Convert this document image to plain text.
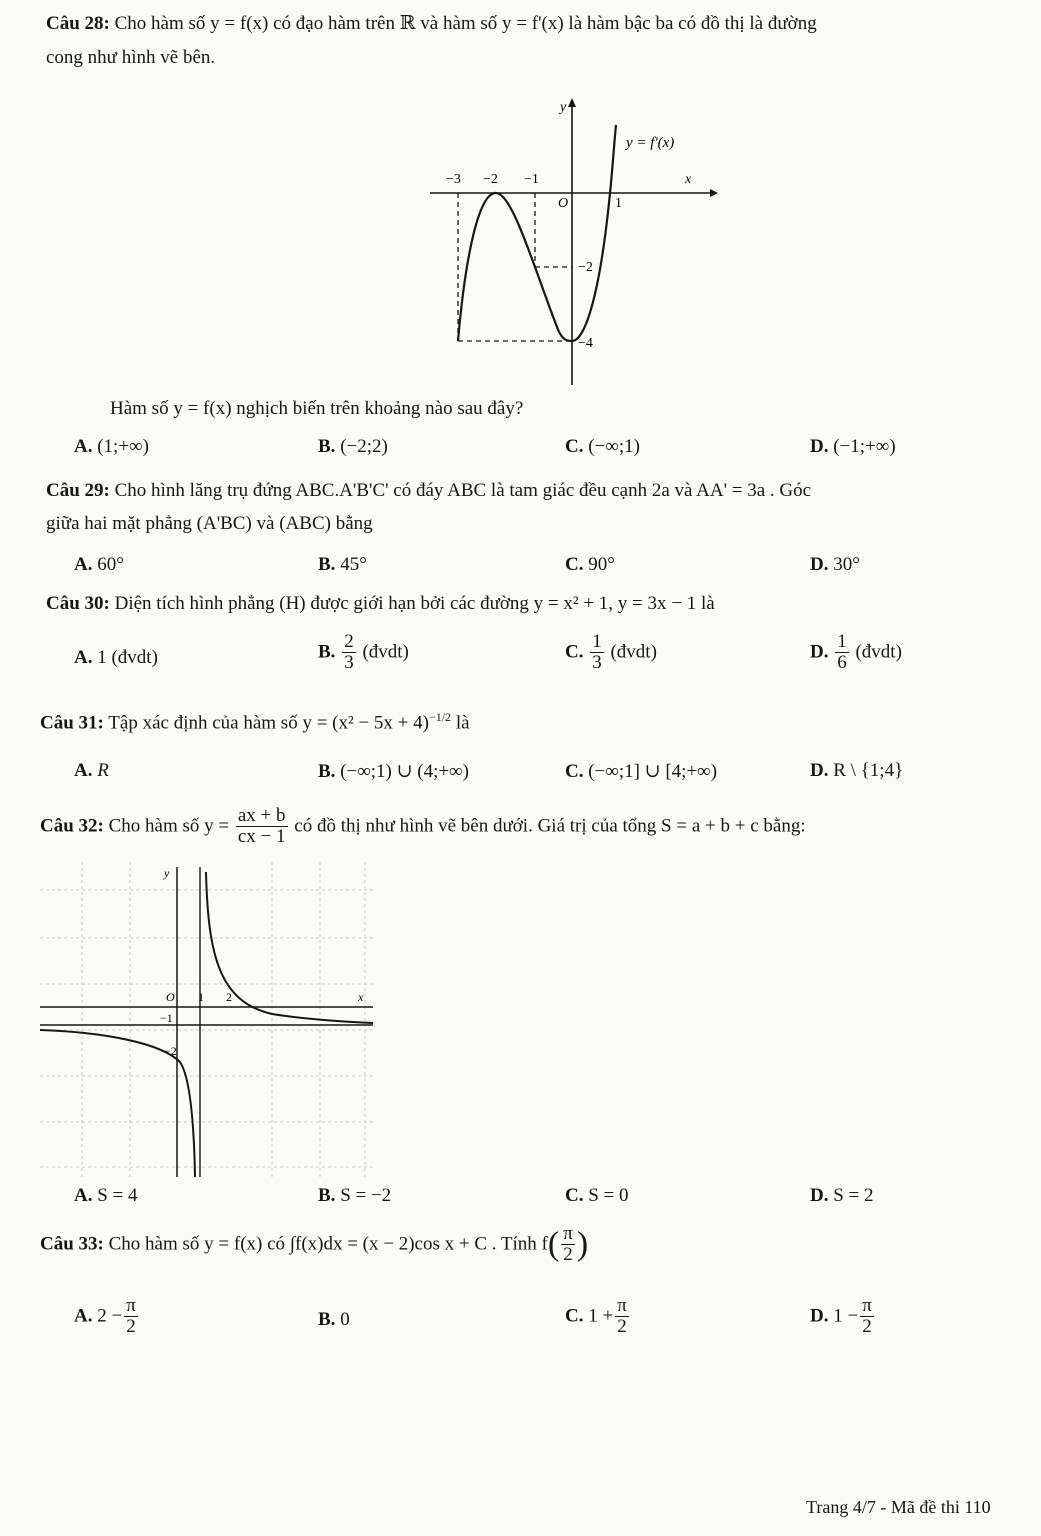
Câu 28: Cho hàm số y = f(x) có đạo hàm trên ℝ và hàm số y = f'(x) là hàm bậc ba có đồ thị là đường
cong như hình vẽ bên.
y = f'(x)
y
x
O
−3 −2 −1
1
−2
−4
Hàm số y = f(x) nghịch biến trên khoảng nào sau đây?
A. (1;+∞)	B. (−2;2)	C. (−∞;1)	D. (−1;+∞)
Câu 29: Cho hình lăng trụ đứng ABC.A'B'C' có đáy ABC là tam giác đều cạnh 2a và AA' = 3a . Góc
giữa hai mặt phẳng (A'BC) và (ABC) bằng
A. 60°	B. 45°	C. 90°	D. 30°
Câu 30: Diện tích hình phẳng (H) được giới hạn bởi các đường y = x² + 1, y = 3x − 1 là
A. 1 (đvdt)	B. $\frac{2}{3}$ (đvdt)	C. $\frac{1}{3}$ (đvdt)	D. $\frac{1}{6}$ (đvdt)
Câu 31: Tập xác định của hàm số $y = (x^2 - 5x + 4)^{-1/2}$ là
A. R	B. (−∞;1) ∪ (4;+∞)	C. (−∞;1] ∪ [4;+∞)	D. R \ {1;4}
Câu 32: Cho hàm số $y = \frac{ax + b}{cx - 1}$ có đồ thị như hình vẽ bên dưới. Giá trị của tổng S = a + b + c bằng:
y
x
O 1 2
−1
−2
A. S = 4	B. S = −2	C. S = 0	D. S = 2
Câu 33: Cho hàm số y = f(x) có ∫f(x)dx = (x − 2)cos x + C . Tính $f( \frac{\pi}{2}$ )
A. $2 - \frac{\pi}{2}$	B. 0	C. $1 + \frac{\pi}{2}$	D. $1 - \frac{\pi}{2}$
Trang 4/7 - Mã đề thi 110
